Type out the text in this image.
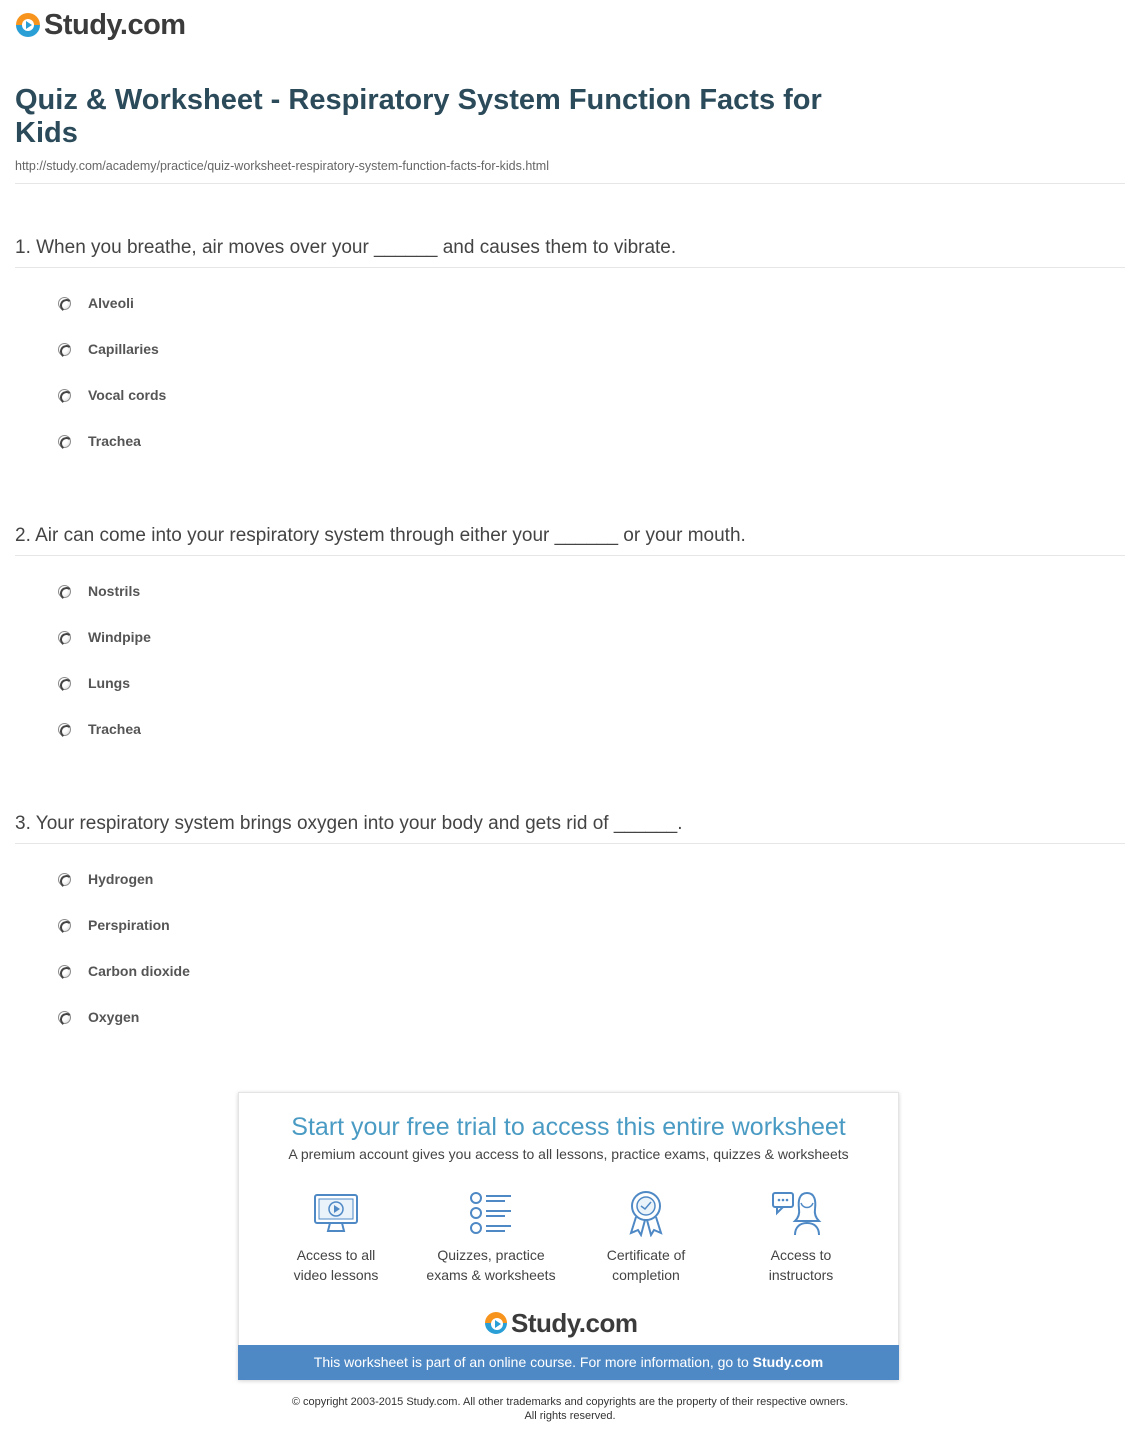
Study.com
Quiz & Worksheet - Respiratory System Function Facts for Kids
http://study.com/academy/practice/quiz-worksheet-respiratory-system-function-facts-for-kids.html
1. When you breathe, air moves over your ______ and causes them to vibrate.
Alveoli
Capillaries
Vocal cords
Trachea
2. Air can come into your respiratory system through either your ______ or your mouth.
Nostrils
Windpipe
Lungs
Trachea
3. Your respiratory system brings oxygen into your body and gets rid of ______.
Hydrogen
Perspiration
Carbon dioxide
Oxygen
Start your free trial to access this entire worksheet
A premium account gives you access to all lessons, practice exams, quizzes & worksheets
Access to all
video lessons
Quizzes, practice
exams & worksheets
Certificate of
completion
Access to
instructors
Study.com
This worksheet is part of an online course. For more information, go to Study.com
© copyright 2003-2015 Study.com. All other trademarks and copyrights are the property of their respective owners.
All rights reserved.
